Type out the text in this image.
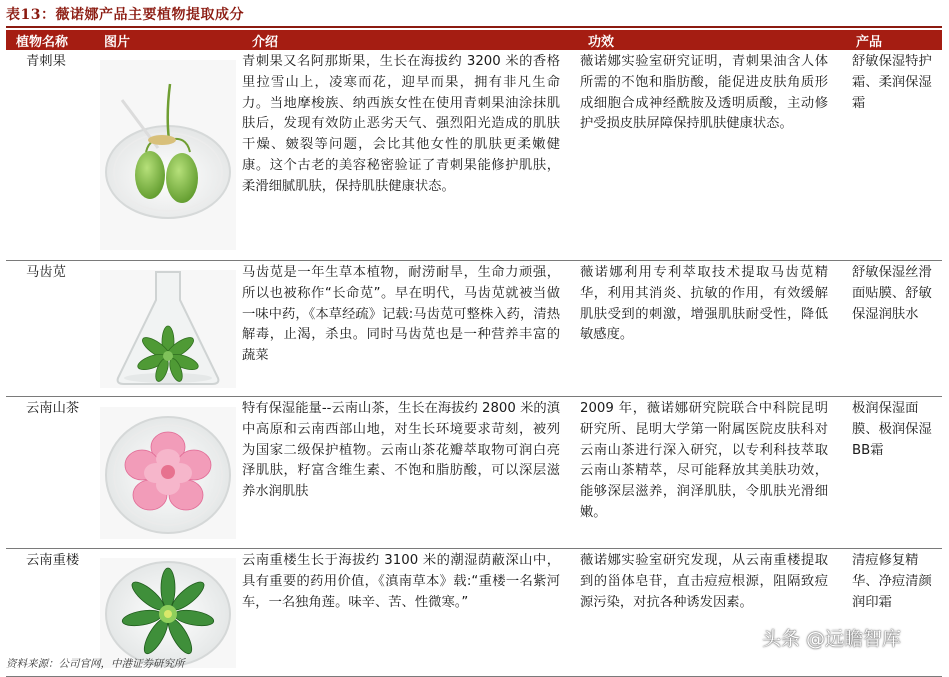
表13：薇诺娜产品主要植物提取成分
植物名称	图片	介绍	功效	产品
青刺果		青刺果又名阿那斯果，生长在海拔约 3200 米的香格里拉雪山上，凌寒而花，迎早而果，拥有非凡生命力。当地摩梭族、纳西族女性在使用青刺果油涂抹肌肤后，发现有效防止恶劣天气、强烈阳光造成的肌肤干燥、皴裂等问题，会比其他女性的肌肤更柔嫩健康。这个古老的美容秘密验证了青刺果能修护肌肤，柔滑细腻肌肤，保持肌肤健康状态。	薇诺娜实验室研究证明，青刺果油含人体所需的不饱和脂肪酸，能促进皮肤角质形成细胞合成神经酰胺及透明质酸，主动修护受损皮肤屏障保持肌肤健康状态。	舒敏保湿特护霜、柔润保湿霜
马齿苋		马齿苋是一年生草本植物，耐涝耐旱，生命力顽强，所以也被称作“长命苋”。早在明代，马齿苋就被当做一味中药，《本草经疏》记载:马齿苋可整株入药，清热解毒，止渴，杀虫。同时马齿苋也是一种营养丰富的蔬菜	薇诺娜利用专利萃取技术提取马齿苋精华，利用其消炎、抗敏的作用，有效缓解肌肤受到的刺激，增强肌肤耐受性，降低敏感度。	舒敏保湿丝滑面贴膜、舒敏保湿润肤水
云南山茶		特有保湿能量--云南山茶，生长在海拔约 2800 米的滇中高原和云南西部山地，对生长环境要求苛刻，被列为国家二级保护植物。云南山茶花瓣萃取物可润白亮泽肌肤，籽富含维生素、不饱和脂肪酸，可以深层滋养水润肌肤	2009 年，薇诺娜研究院联合中科院昆明研究所、昆明大学第一附属医院皮肤科对云南山茶进行深入研究，以专利科技萃取云南山茶精萃，尽可能释放其美肤功效，能够深层滋养，润泽肌肤，令肌肤光滑细嫩。	极润保湿面膜、极润保湿BB霜
云南重楼		云南重楼生长于海拔约 3100 米的潮湿荫蔽深山中，具有重要的药用价值，《滇南草本》载:“重楼一名紫河车，一名独角莲。味辛、苦、性微寒。”	薇诺娜实验室研究发现，从云南重楼提取到的甾体皂苷，直击痘痘根源，阻隔致痘源污染，对抗各种诱发因素。	清痘修复精华、净痘清颜润印霜
资料来源：公司官网，中港证券研究所
头条 @远瞻智库
